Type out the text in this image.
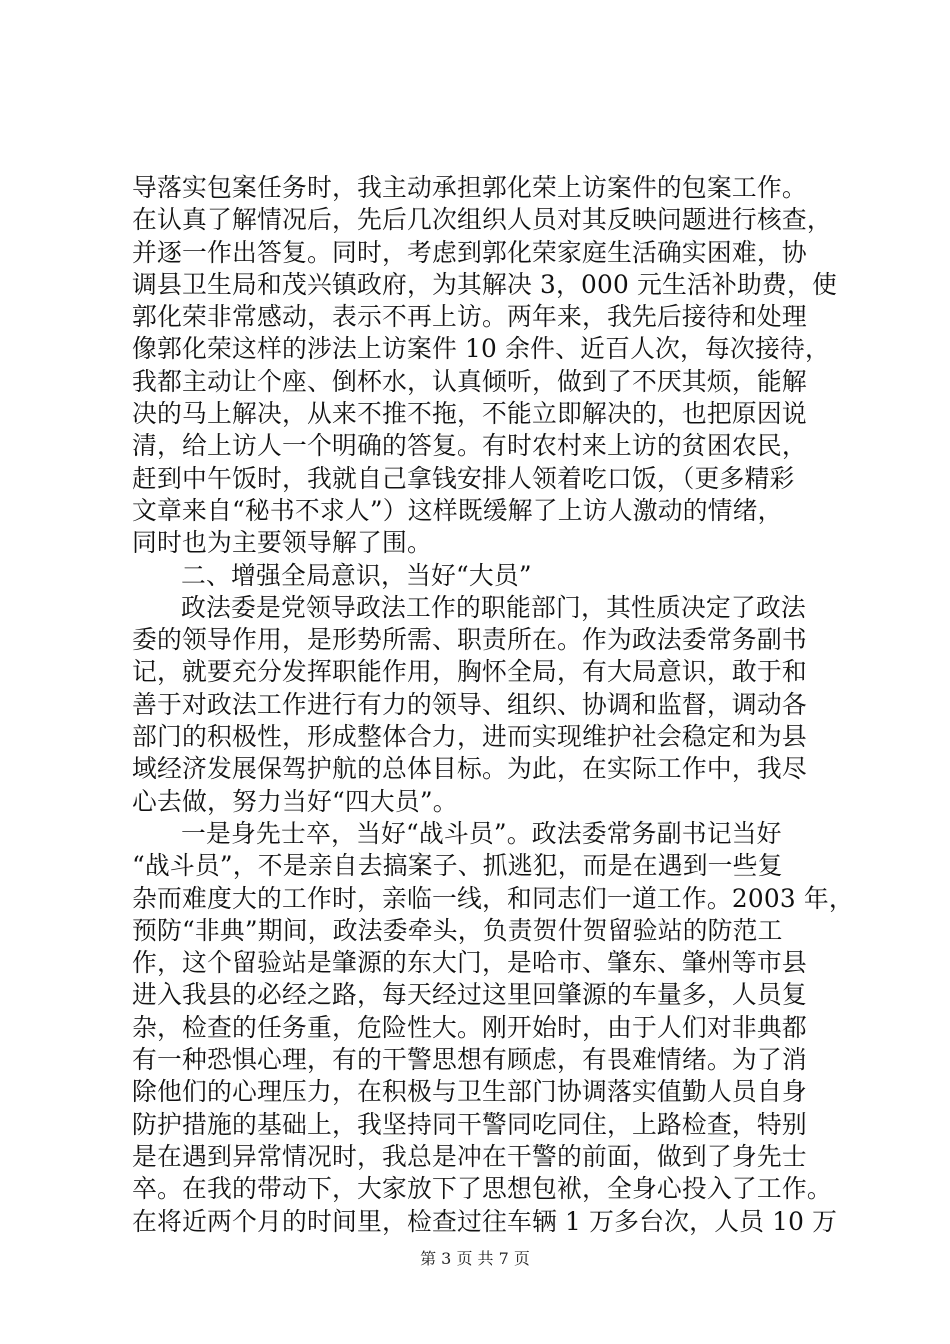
导落实包案任务时，我主动承担郭化荣上访案件的包案工作。
在认真了解情况后，先后几次组织人员对其反映问题进行核查，
并逐一作出答复。同时，考虑到郭化荣家庭生活确实困难，协
调县卫生局和茂兴镇政府，为其解决 3，000 元生活补助费，使
郭化荣非常感动，表示不再上访。两年来，我先后接待和处理
像郭化荣这样的涉法上访案件 10 余件、近百人次，每次接待，
我都主动让个座、倒杯水，认真倾听，做到了不厌其烦，能解
决的马上解决，从来不推不拖，不能立即解决的，也把原因说
清，给上访人一个明确的答复。有时农村来上访的贫困农民，
赶到中午饭时，我就自己拿钱安排人领着吃口饭，（更多精彩
文章来自“秘书不求人”）这样既缓解了上访人激动的情绪，
同时也为主要领导解了围。
二、增强全局意识，当好“大员”
政法委是党领导政法工作的职能部门，其性质决定了政法
委的领导作用，是形势所需、职责所在。作为政法委常务副书
记，就要充分发挥职能作用，胸怀全局，有大局意识，敢于和
善于对政法工作进行有力的领导、组织、协调和监督，调动各
部门的积极性，形成整体合力，进而实现维护社会稳定和为县
域经济发展保驾护航的总体目标。为此，在实际工作中，我尽
心去做，努力当好“四大员”。
一是身先士卒，当好“战斗员”。政法委常务副书记当好
“战斗员”，不是亲自去搞案子、抓逃犯，而是在遇到一些复
杂而难度大的工作时，亲临一线，和同志们一道工作。2003 年，
预防“非典”期间，政法委牵头，负责贺什贺留验站的防范工
作，这个留验站是肇源的东大门，是哈市、肇东、肇州等市县
进入我县的必经之路，每天经过这里回肇源的车量多，人员复
杂，检查的任务重，危险性大。刚开始时，由于人们对非典都
有一种恐惧心理，有的干警思想有顾虑，有畏难情绪。为了消
除他们的心理压力，在积极与卫生部门协调落实值勤人员自身
防护措施的基础上，我坚持同干警同吃同住，上路检查，特别
是在遇到异常情况时，我总是冲在干警的前面，做到了身先士
卒。在我的带动下，大家放下了思想包袱，全身心投入了工作。
在将近两个月的时间里，检查过往车辆 1 万多台次，人员 10 万
第 3 页 共 7 页
